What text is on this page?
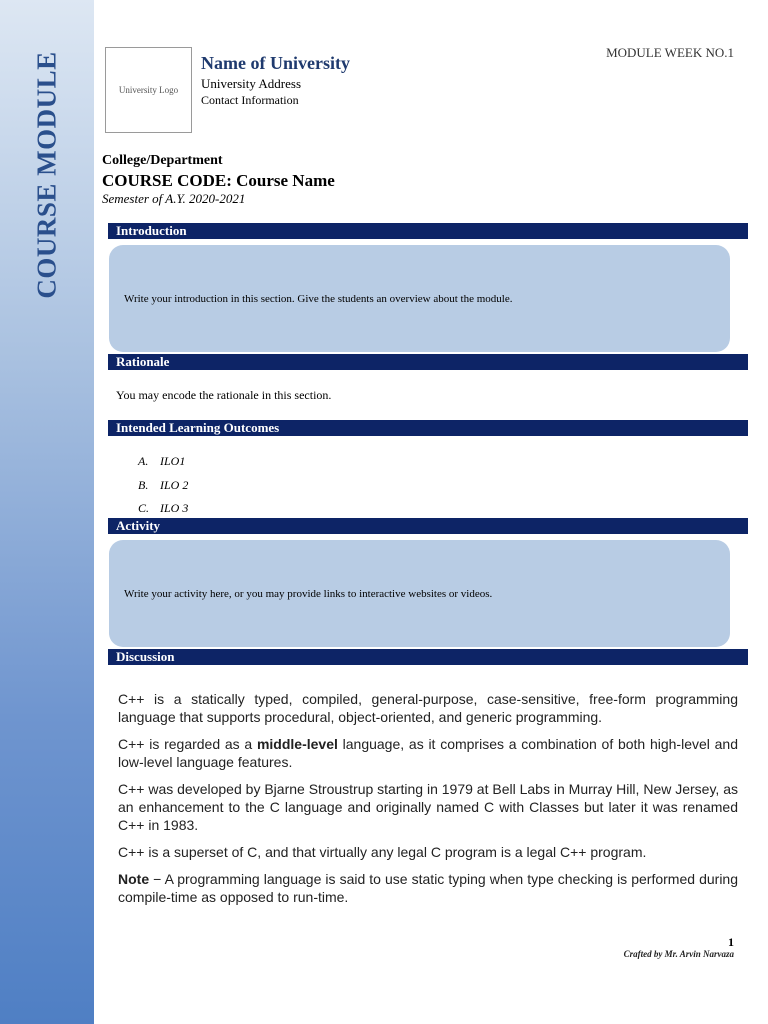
COURSE MODULE	University Logo
Name of University
University Address
Contact Information
MODULE WEEK NO.1
College/Department
COURSE CODE: Course Name
Semester of A.Y. 2020-2021
Introduction
Write your introduction in this section. Give the students an overview about the module.
Rationale
You may encode the rationale in this section.
Intended Learning Outcomes
A. ILO1
B. ILO 2
C. ILO 3
Activity
Write your activity here, or you may provide links to interactive websites or videos.
Discussion

C++ is a statically typed, compiled, general-purpose, case-sensitive, free-form programming language that supports procedural, object-oriented, and generic programming.

C++ is regarded as a middle-level language, as it comprises a combination of both high-level and low-level language features.

C++ was developed by Bjarne Stroustrup starting in 1979 at Bell Labs in Murray Hill, New Jersey, as an enhancement to the C language and originally named C with Classes but later it was renamed C++ in 1983.

C++ is a superset of C, and that virtually any legal C program is a legal C++ program.

Note − A programming language is said to use static typing when type checking is performed during compile-time as opposed to run-time.

1
Crafted by Mr. Arvin Narvaza
